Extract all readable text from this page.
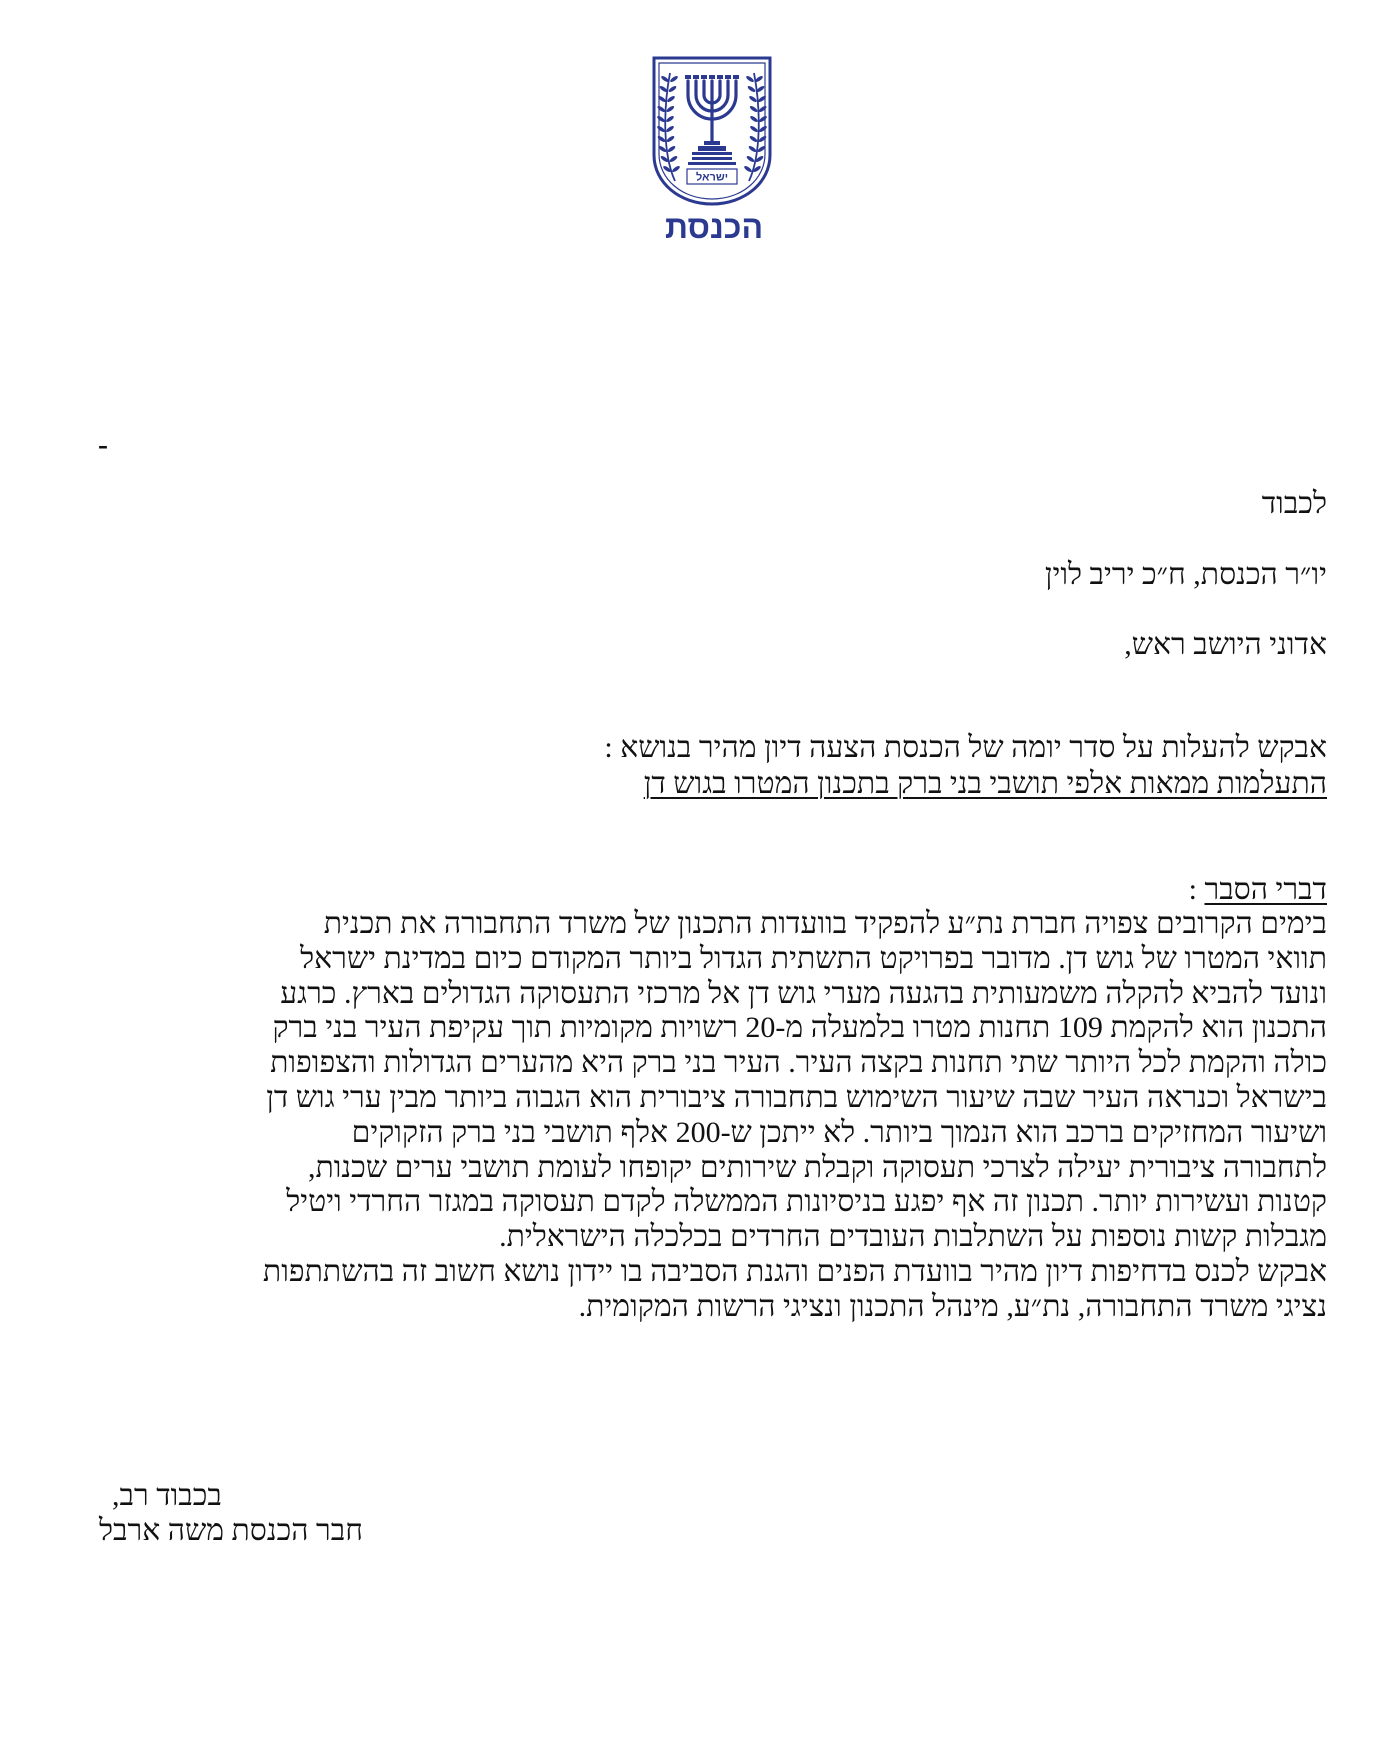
ישראל
הכנסת
-
לכבוד
יו״ר הכנסת, ח״כ יריב לוין
אדוני היושב ראש,
אבקש להעלות על סדר יומה של הכנסת הצעה דיון מהיר בנושא :
התעלמות ממאות אלפי תושבי בני ברק בתכנון המטרו בגוש דן
דברי הסבר :
בימים הקרובים צפויה חברת נת״ע להפקיד בוועדות התכנון של משרד התחבורה את תכנית
תוואי המטרו של גוש דן. מדובר בפרויקט התשתית הגדול ביותר המקודם כיום במדינת ישראל
ונועד להביא להקלה משמעותית בהגעה מערי גוש דן אל מרכזי התעסוקה הגדולים בארץ. כרגע
התכנון הוא להקמת 109 תחנות מטרו בלמעלה מ-20 רשויות מקומיות תוך עקיפת העיר בני ברק
כולה והקמת לכל היותר שתי תחנות בקצה העיר. העיר בני ברק היא מהערים הגדולות והצפופות
בישראל וכנראה העיר שבה שיעור השימוש בתחבורה ציבורית הוא הגבוה ביותר מבין ערי גוש דן
ושיעור המחזיקים ברכב הוא הנמוך ביותר. לא ייתכן ש-200 אלף תושבי בני ברק הזקוקים
לתחבורה ציבורית יעילה לצרכי תעסוקה וקבלת שירותים יקופחו לעומת תושבי ערים שכנות,
קטנות ועשירות יותר. תכנון זה אף יפגע בניסיונות הממשלה לקדם תעסוקה במגזר החרדי ויטיל
מגבלות קשות נוספות על השתלבות העובדים החרדים בכלכלה הישראלית.
אבקש לכנס בדחיפות דיון מהיר בוועדת הפנים והגנת הסביבה בו יידון נושא חשוב זה בהשתתפות
נציגי משרד התחבורה, נת״ע, מינהל התכנון ונציגי הרשות המקומית.
בכבוד רב,
חבר הכנסת משה ארבל
